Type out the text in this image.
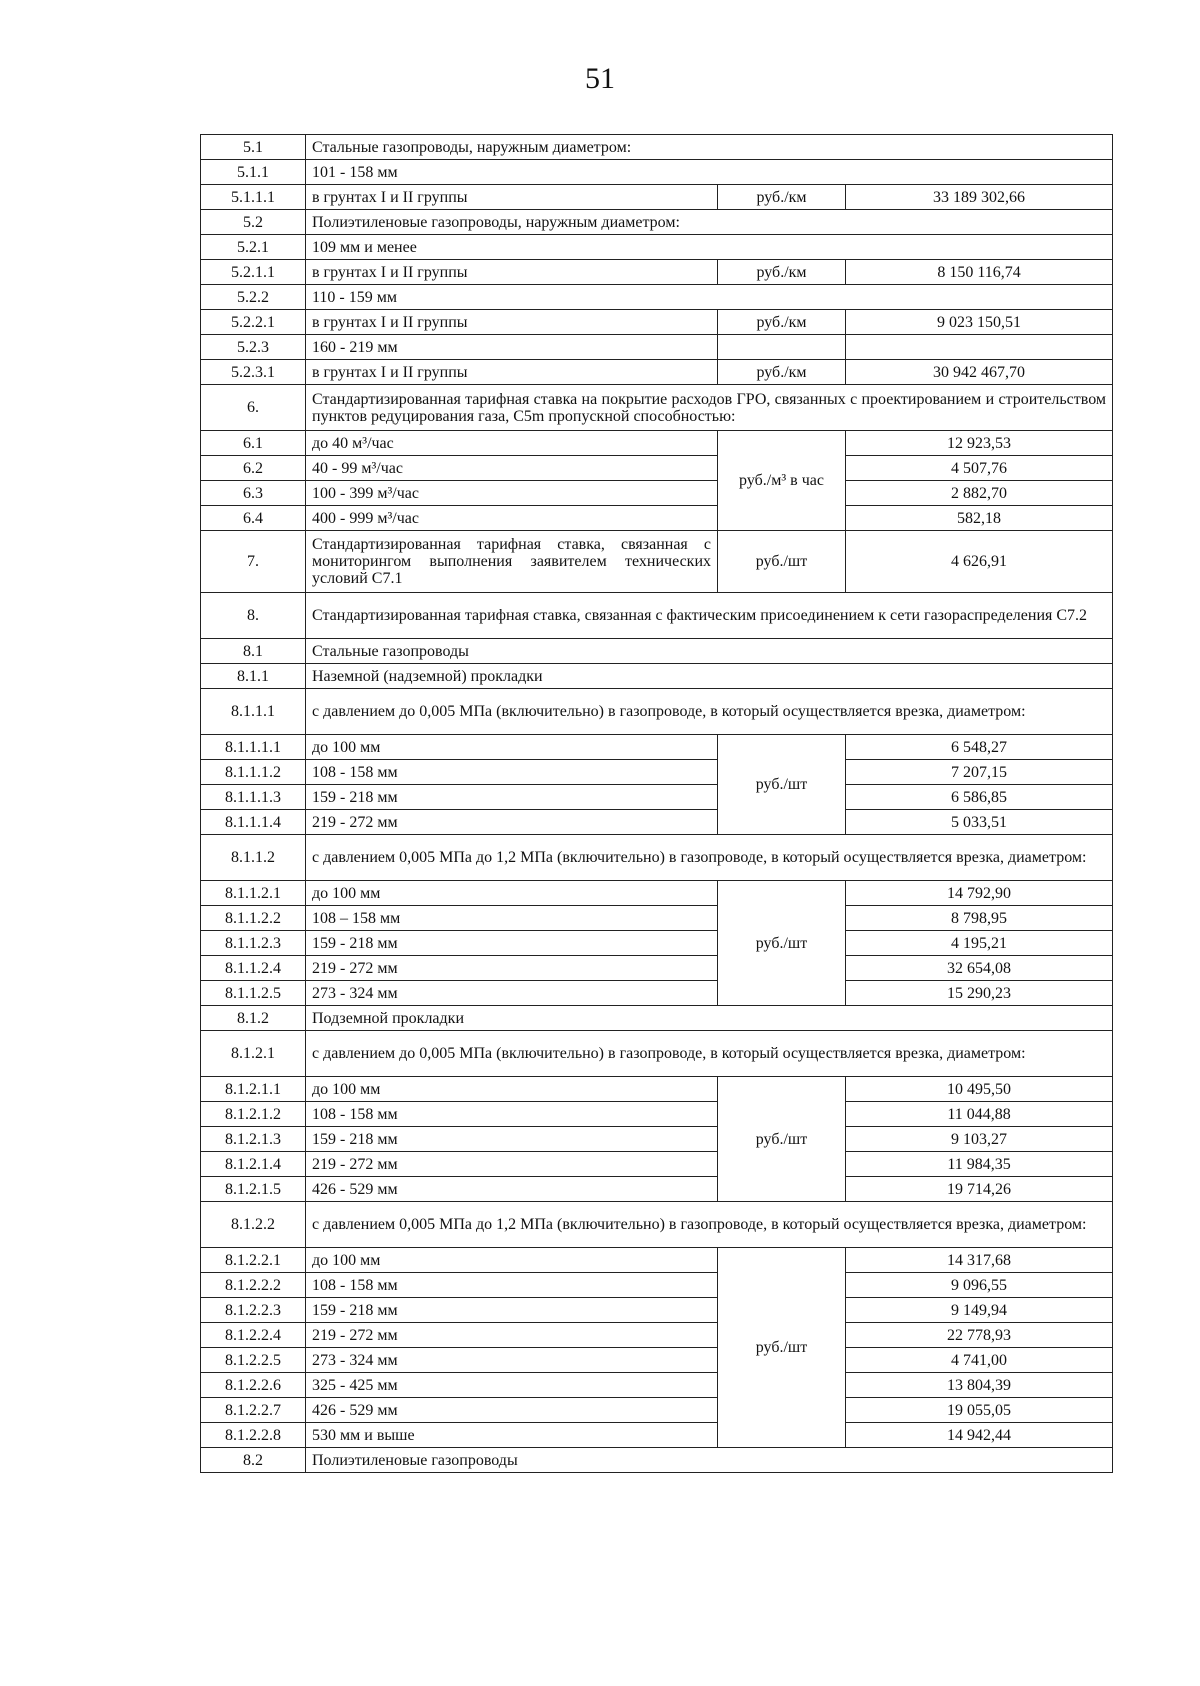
51
5.1	Стальные газопроводы, наружным диаметром:		
5.1.1	101 - 158 мм		
5.1.1.1	в грунтах I и II группы	руб./км	33 189 302,66
5.2	Полиэтиленовые газопроводы, наружным диаметром:		
5.2.1	109 мм и менее		
5.2.1.1	в грунтах I и II группы	руб./км	8 150 116,74
5.2.2	110 - 159 мм		
5.2.2.1	в грунтах I и II группы	руб./км	9 023 150,51
5.2.3	160 - 219 мм		
5.2.3.1	в грунтах I и II группы	руб./км	30 942 467,70
6.	Стандартизированная тарифная ставка на покрытие расходов ГРО, связанных с проектированием и строительством пунктов редуцирования газа, C5m пропускной способностью:		
6.1	до 40 м³/час	руб./м³ в час	12 923,53
6.2	40 - 99 м³/час		4 507,76
6.3	100 - 399 м³/час		2 882,70
6.4	400 - 999 м³/час		582,18
7.	Стандартизированная тарифная ставка, связанная с мониторингом выполнения заявителем технических условий C7.1	руб./шт	4 626,91
8.	Стандартизированная тарифная ставка, связанная с фактическим присоединением к сети газораспределения C7.2		
8.1	Стальные газопроводы		
8.1.1	Наземной (надземной) прокладки		
8.1.1.1	с давлением до 0,005 МПа (включительно) в газопроводе, в который осуществляется врезка, диаметром:		
8.1.1.1.1	до 100 мм	руб./шт	6 548,27
8.1.1.1.2	108 - 158 мм		7 207,15
8.1.1.1.3	159 - 218 мм		6 586,85
8.1.1.1.4	219 - 272 мм		5 033,51
8.1.1.2	с давлением 0,005 МПа до 1,2 МПа (включительно) в газопроводе, в который осуществляется врезка, диаметром:		
8.1.1.2.1	до 100 мм	руб./шт	14 792,90
8.1.1.2.2	108 – 158 мм		8 798,95
8.1.1.2.3	159 - 218 мм		4 195,21
8.1.1.2.4	219 - 272 мм		32 654,08
8.1.1.2.5	273 - 324 мм		15 290,23
8.1.2	Подземной прокладки		
8.1.2.1	с давлением до 0,005 МПа (включительно) в газопроводе, в который осуществляется врезка, диаметром:		
8.1.2.1.1	до 100 мм	руб./шт	10 495,50
8.1.2.1.2	108 - 158 мм		11 044,88
8.1.2.1.3	159 - 218 мм		9 103,27
8.1.2.1.4	219 - 272 мм		11 984,35
8.1.2.1.5	426 - 529 мм		19 714,26
8.1.2.2	с давлением 0,005 МПа до 1,2 МПа (включительно) в газопроводе, в который осуществляется врезка, диаметром:		
8.1.2.2.1	до 100 мм	руб./шт	14 317,68
8.1.2.2.2	108 - 158 мм		9 096,55
8.1.2.2.3	159 - 218 мм		9 149,94
8.1.2.2.4	219 - 272 мм		22 778,93
8.1.2.2.5	273 - 324 мм		4 741,00
8.1.2.2.6	325 - 425 мм		13 804,39
8.1.2.2.7	426 - 529 мм		19 055,05
8.1.2.2.8	530 мм и выше		14 942,44
8.2	Полиэтиленовые газопроводы		
